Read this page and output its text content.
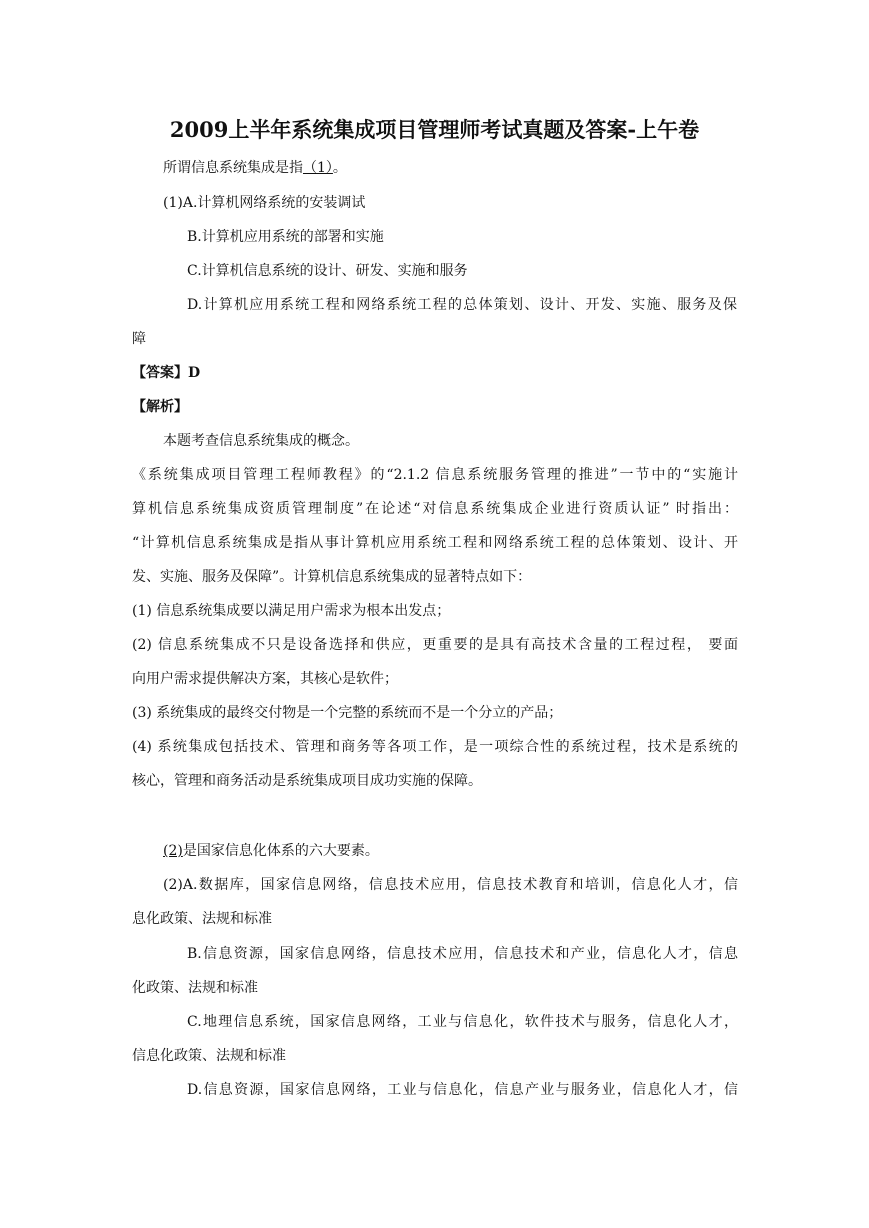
2009上半年系统集成项目管理师考试真题及答案-上午卷
所谓信息系统集成是指（1）。
(1)A.计算机网络系统的安装调试
B.计算机应用系统的部署和实施
C.计算机信息系统的设计、研发、实施和服务
D.计算机应用系统工程和网络系统工程的总体策划、设计、开发、实施、服务及保
障
【答案】D
【解析】
本题考查信息系统集成的概念。
《系统集成项目管理工程师教程》的“2.1.2 信息系统服务管理的推进”一节中的“实施计
算机信息系统集成资质管理制度”在论述“对信息系统集成企业进行资质认证” 时指出：
“计算机信息系统集成是指从事计算机应用系统工程和网络系统工程的总体策划、设计、开
发、实施、服务及保障”。计算机信息系统集成的显著特点如下：
(1) 信息系统集成要以满足用户需求为根本出发点；
(2) 信息系统集成不只是设备选择和供应，更重要的是具有高技术含量的工程过程， 要面
向用户需求提供解决方案，其核心是软件；
(3) 系统集成的最终交付物是一个完整的系统而不是一个分立的产品；
(4) 系统集成包括技术、管理和商务等各项工作，是一项综合性的系统过程，技术是系统的
核心，管理和商务活动是系统集成项目成功实施的保障。
(2)是国家信息化体系的六大要素。
(2)A.数据库，国家信息网络，信息技术应用，信息技术教育和培训，信息化人才，信
息化政策、法规和标准
B.信息资源，国家信息网络，信息技术应用，信息技术和产业，信息化人才，信息
化政策、法规和标准
C.地理信息系统，国家信息网络，工业与信息化，软件技术与服务，信息化人才，
信息化政策、法规和标准
D.信息资源，国家信息网络，工业与信息化，信息产业与服务业，信息化人才，信
